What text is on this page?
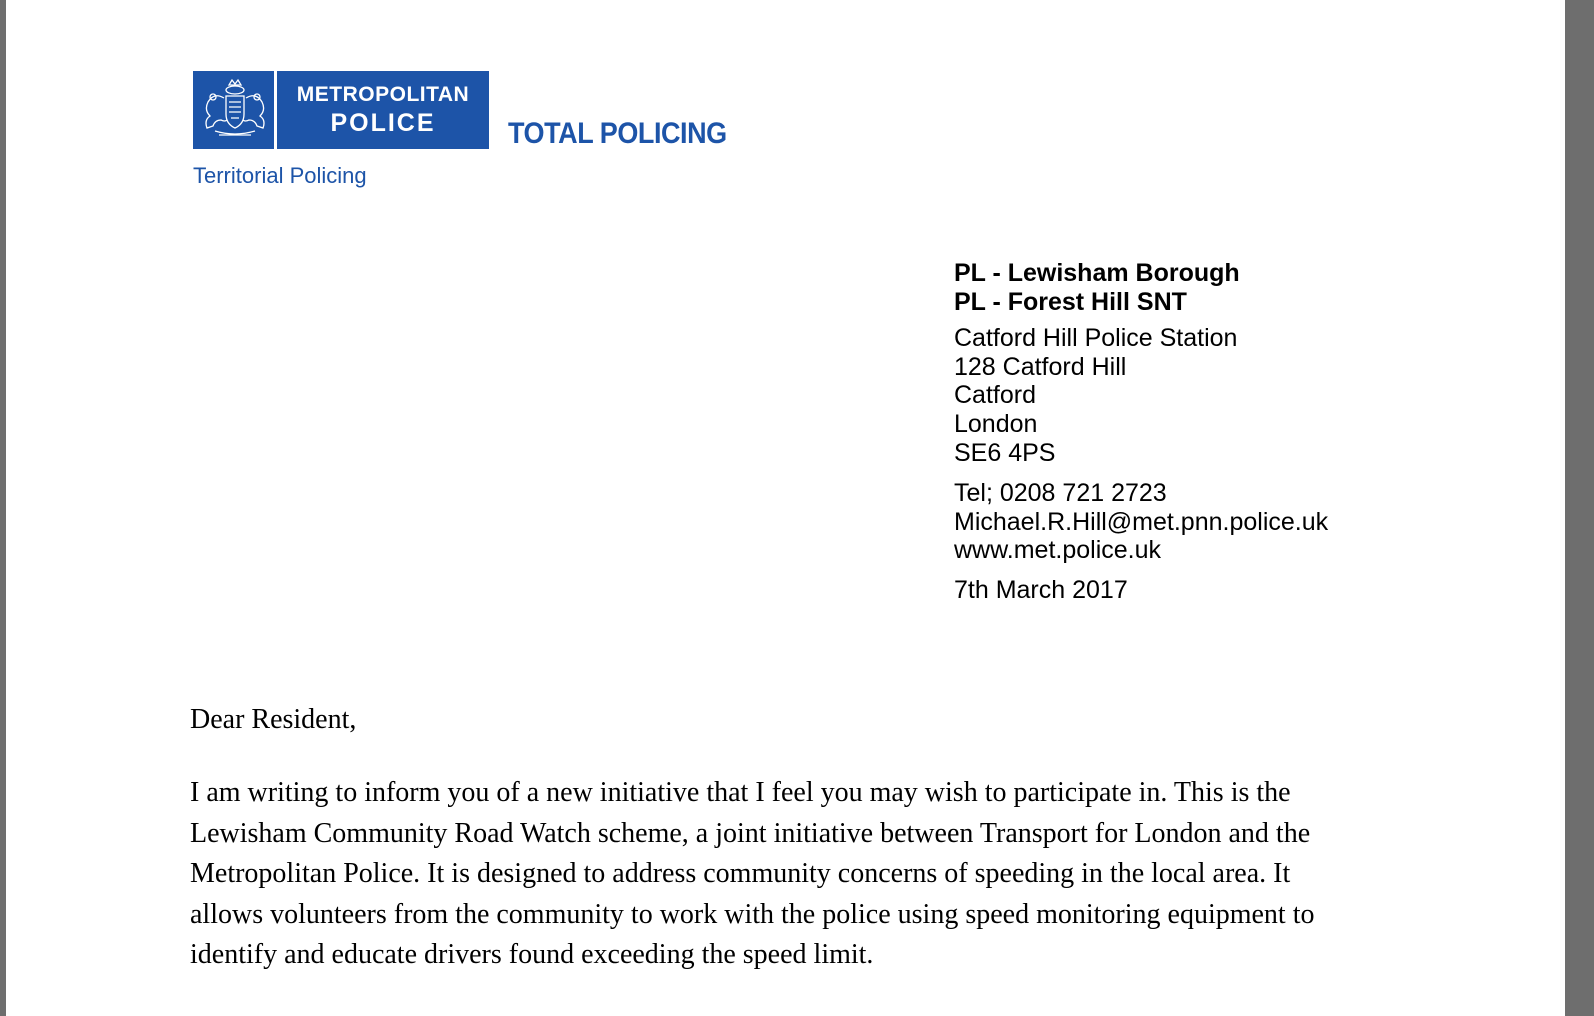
METROPOLITAN
POLICE	TOTAL POLICING
Territorial Policing
PL - Lewisham Borough
PL - Forest Hill SNT
Catford Hill Police Station
128 Catford Hill
Catford
London
SE6 4PS
Tel; 0208 721 2723
Michael.R.Hill@met.pnn.police.uk
www.met.police.uk
7th March 2017
Dear Resident,
I am writing to inform you of a new initiative that I feel you may wish to participate in. This is the
Lewisham Community Road Watch scheme, a joint initiative between Transport for London and the
Metropolitan Police. It is designed to address community concerns of speeding in the local area. It
allows volunteers from the community to work with the police using speed monitoring equipment to
identify and educate drivers found exceeding the speed limit.
